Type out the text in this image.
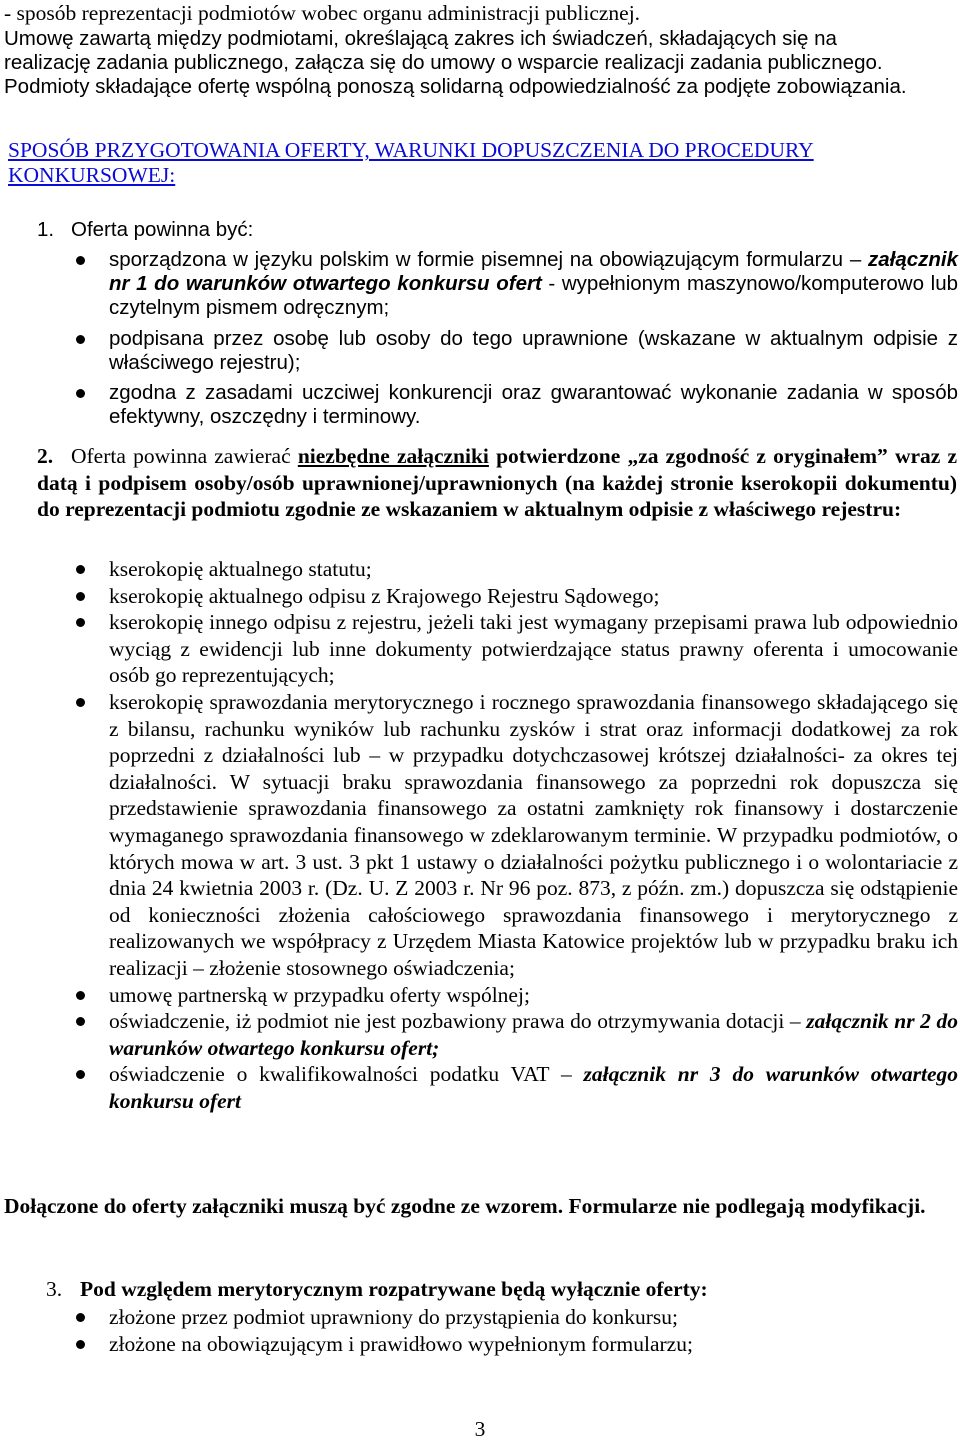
- sposób reprezentacji podmiotów wobec organu administracji publicznej.

Umowę zawartą między podmiotami, określającą zakres ich świadczeń, składających się na

realizację zadania publicznego, załącza się do umowy o wsparcie realizacji zadania publicznego.

Podmioty składające ofertę wspólną ponoszą solidarną odpowiedzialność za podjęte zobowiązania.

SPOSÓB PRZYGOTOWANIA OFERTY, WARUNKI DOPUSZCZENIA DO PROCEDURY
KONKURSOWEJ:
1. Oferta powinna być:
sporządzona w języku polskim w formie pisemnej na obowiązującym formularzu – załącznik nr 1 do warunków otwartego konkursu ofert - wypełnionym maszynowo/komputerowo lub czytelnym pismem odręcznym;
podpisana przez osobę lub osoby do tego uprawnione (wskazane w aktualnym odpisie z właściwego rejestru);
zgodna z zasadami uczciwej konkurencji oraz gwarantować wykonanie zadania w sposób efektywny, oszczędny i terminowy.
2. Oferta powinna zawierać niezbędne załączniki potwierdzone „za zgodność z oryginałem” wraz z datą i podpisem osoby/osób uprawnionej/uprawnionych (na każdej stronie kserokopii dokumentu) do reprezentacji podmiotu zgodnie ze wskazaniem w aktualnym odpisie z właściwego rejestru:
kserokopię aktualnego statutu;
kserokopię aktualnego odpisu z Krajowego Rejestru Sądowego;
kserokopię innego odpisu z rejestru, jeżeli taki jest wymagany przepisami prawa lub odpowiednio wyciąg z ewidencji lub inne dokumenty potwierdzające status prawny oferenta i umocowanie osób go reprezentujących;
kserokopię sprawozdania merytorycznego i rocznego sprawozdania finansowego składającego się z bilansu, rachunku wyników lub rachunku zysków i strat oraz informacji dodatkowej za rok poprzedni z działalności lub – w przypadku dotychczasowej krótszej działalności- za okres tej działalności. W sytuacji braku sprawozdania finansowego za poprzedni rok dopuszcza się przedstawienie sprawozdania finansowego za ostatni zamknięty rok finansowy i dostarczenie wymaganego sprawozdania finansowego w zdeklarowanym terminie. W przypadku podmiotów, o których mowa w art. 3 ust. 3 pkt 1 ustawy o działalności pożytku publicznego i o wolontariacie z dnia 24 kwietnia 2003 r. (Dz. U. Z 2003 r. Nr 96 poz. 873, z późn. zm.) dopuszcza się odstąpienie od konieczności złożenia całościowego sprawozdania finansowego i merytorycznego z realizowanych we współpracy z Urzędem Miasta Katowice projektów lub w przypadku braku ich realizacji – złożenie stosownego oświadczenia;
umowę partnerską w przypadku oferty wspólnej;
oświadczenie, iż podmiot nie jest pozbawiony prawa do otrzymywania dotacji – załącznik nr 2 do warunków otwartego konkursu ofert;
oświadczenie o kwalifikowalności podatku VAT – załącznik nr 3 do warunków otwartego konkursu ofert
Dołączone do oferty załączniki muszą być zgodne ze wzorem. Formularze nie podlegają modyfikacji.
3. Pod względem merytorycznym rozpatrywane będą wyłącznie oferty:
złożone przez podmiot uprawniony do przystąpienia do konkursu;
złożone na obowiązującym i prawidłowo wypełnionym formularzu;
3
